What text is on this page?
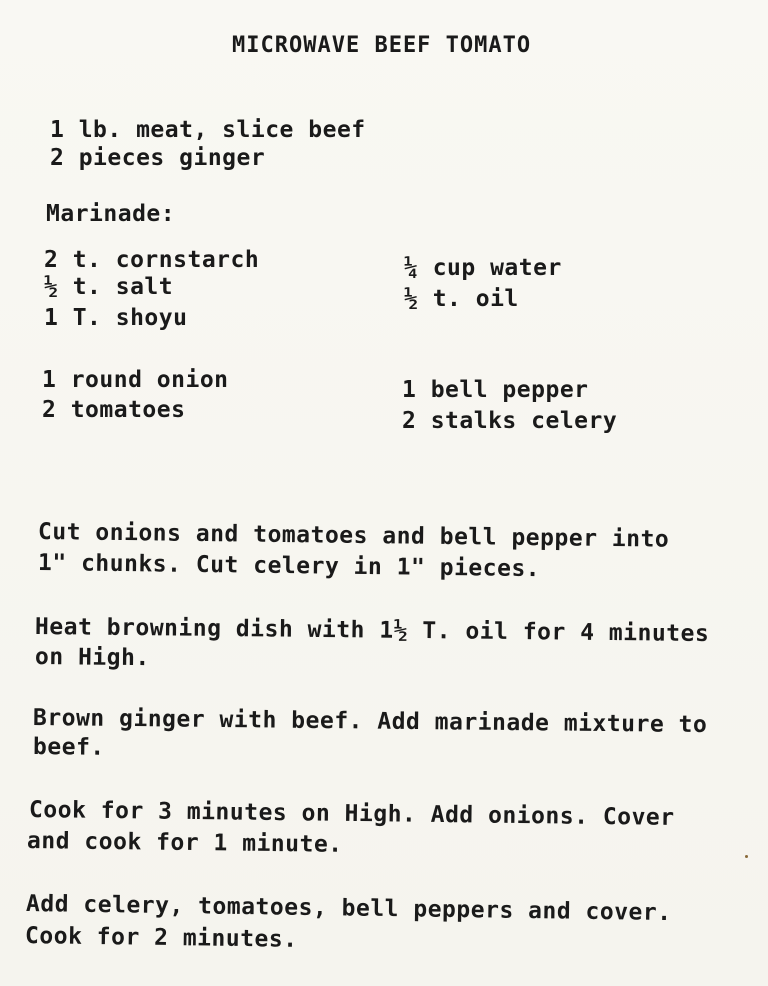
MICROWAVE BEEF TOMATO
1 lb. meat, slice beef
2 pieces ginger
Marinade:
2 t. cornstarch
½ t. salt
1 T. shoyu
¼ cup water
½ t. oil
1 round onion
2 tomatoes
1 bell pepper
2 stalks celery
Cut onions and tomatoes and bell pepper into
1" chunks. Cut celery in 1" pieces.
Heat browning dish with 1½ T. oil for 4 minutes
on High.
Brown ginger with beef. Add marinade mixture to
beef.
Cook for 3 minutes on High. Add onions. Cover
and cook for 1 minute.
Add celery, tomatoes, bell peppers and cover.
Cook for 2 minutes.
